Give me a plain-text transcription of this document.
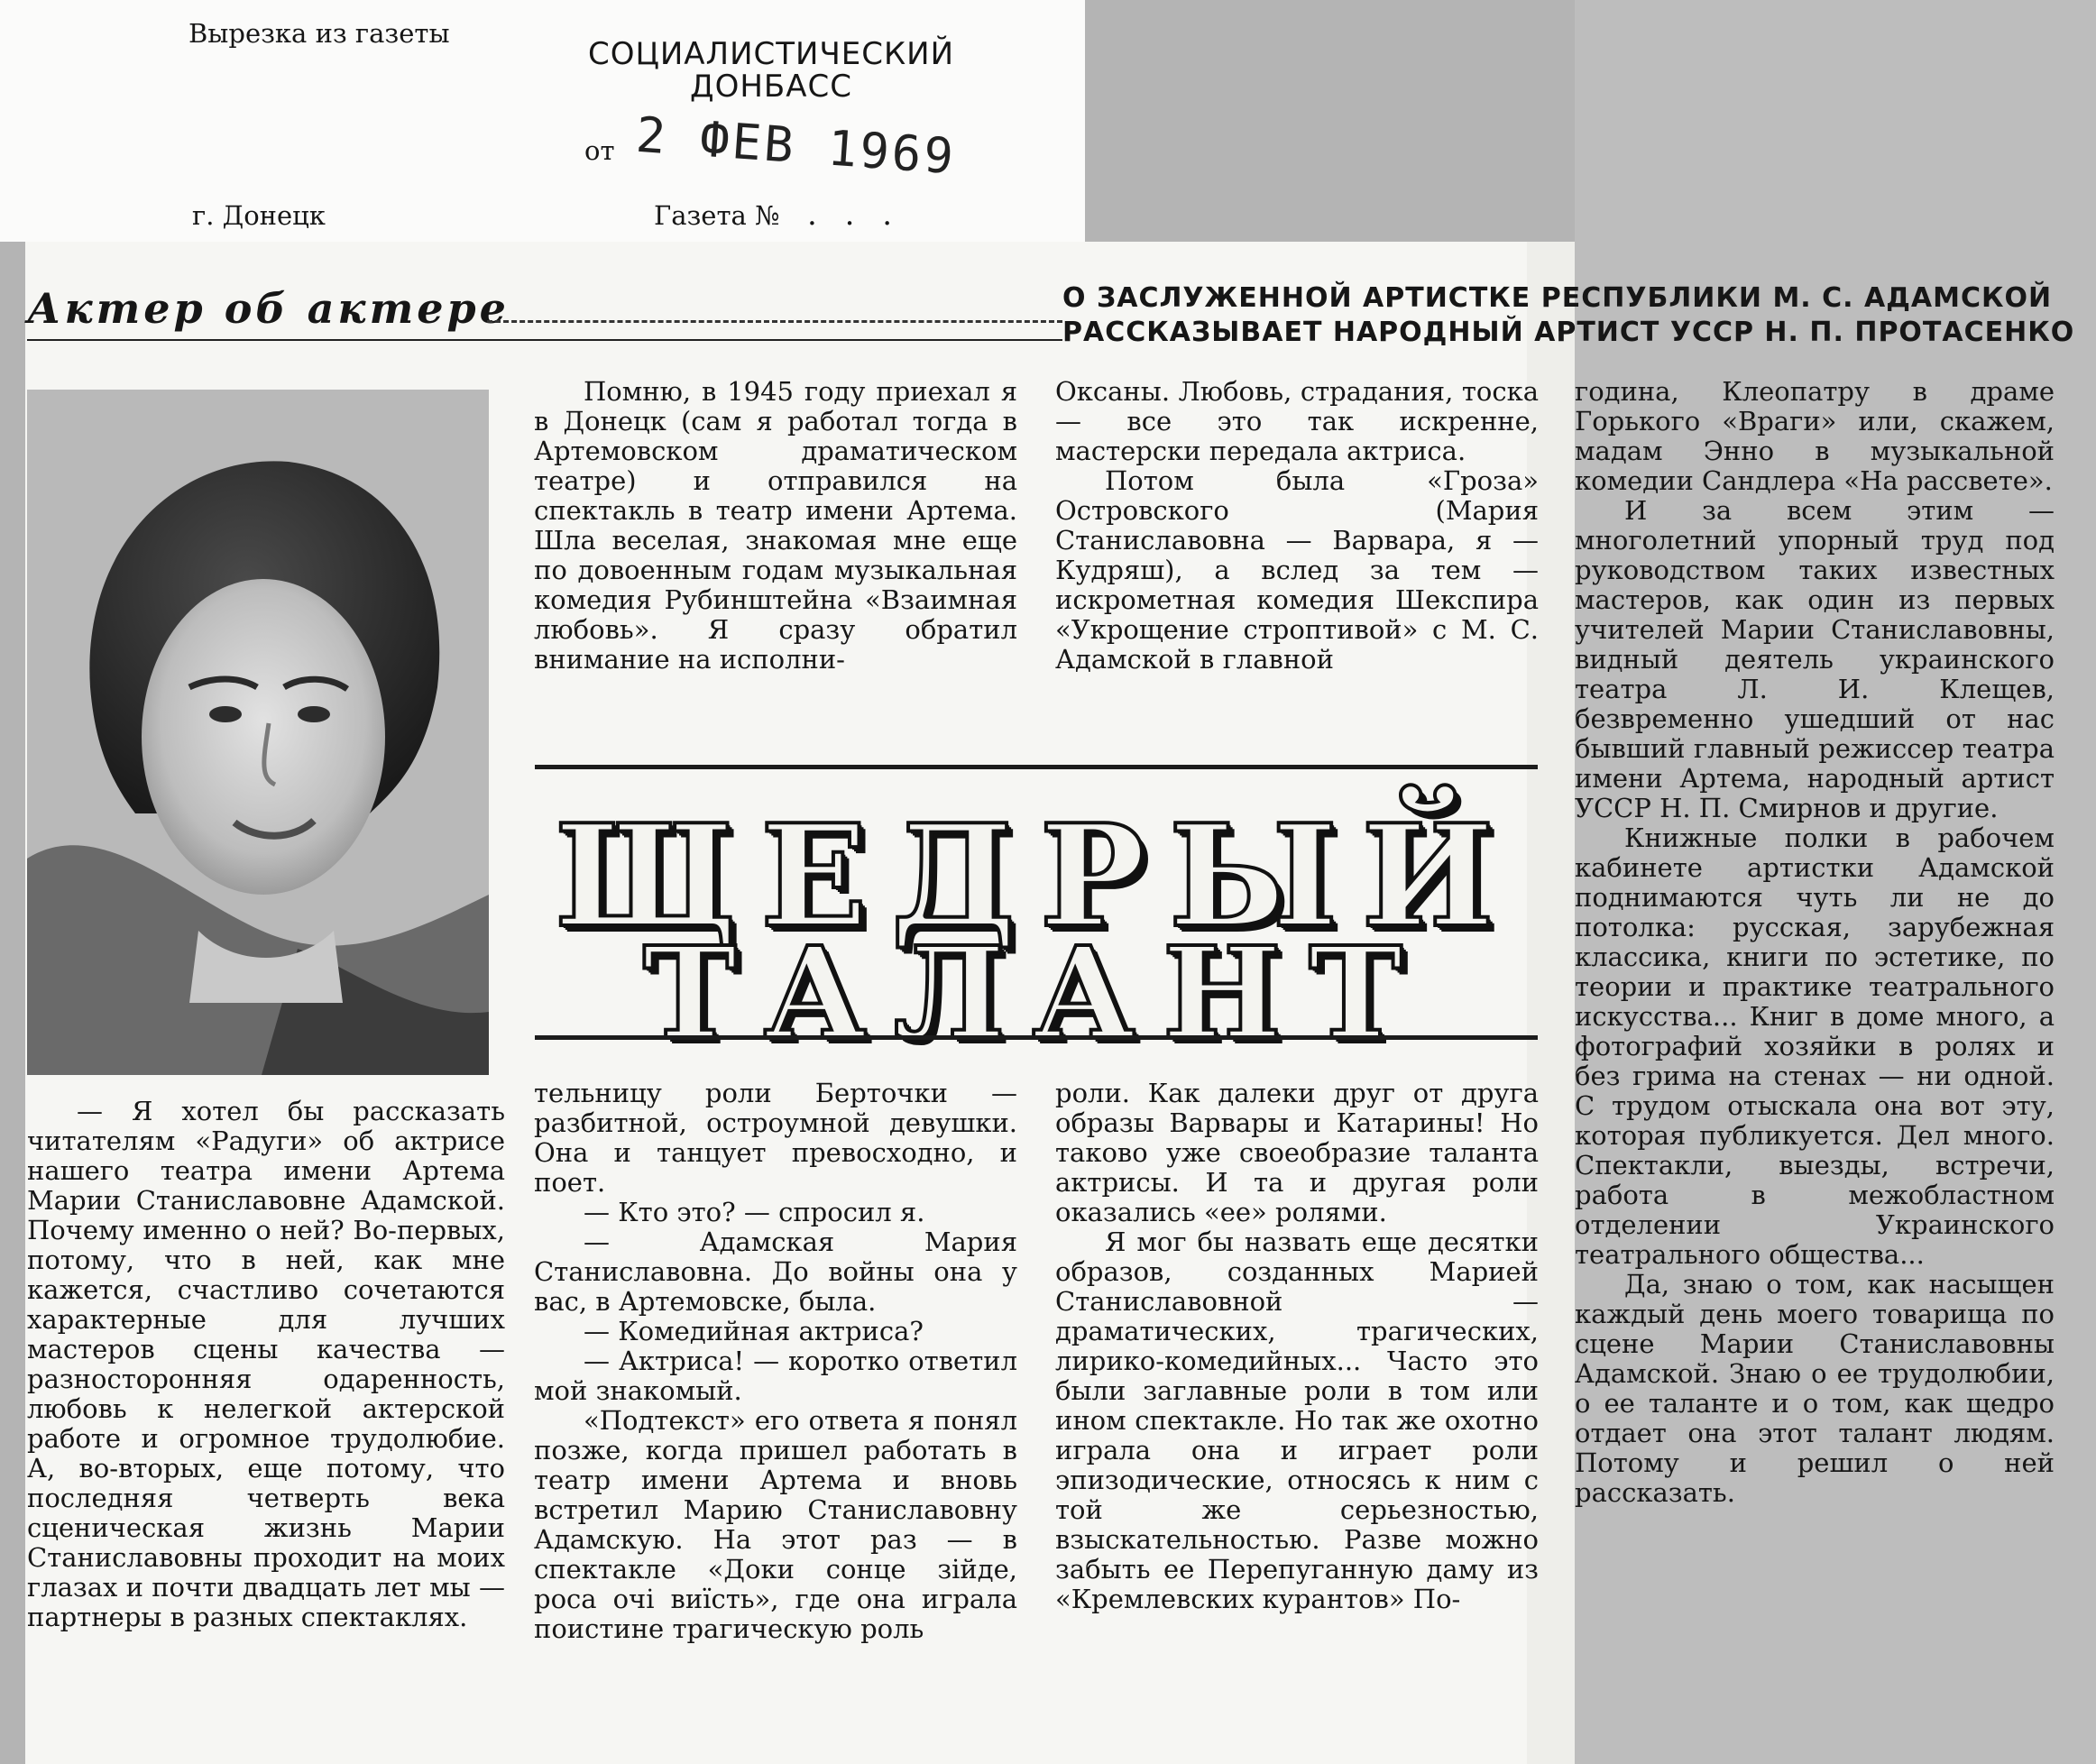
Вырезка из газеты
СОЦИАЛИСТИЧЕСКИЙ ДОНБАСС
от 2 ФЕВ 1969
г. Донецк	Газета № . . .
Актер об актере	О ЗАСЛУЖЕННОЙ АРТИСТКЕ РЕСПУБЛИКИ М. С. АДАМСКОЙ
РАССКАЗЫВАЕТ НАРОДНЫЙ АРТИСТ УССР Н. П. ПРОТАСЕНКО

Помню, в 1945 году приехал я в Донецк (сам я работал тогда в Артемовском драматическом театре) и отправился на спектакль в театр имени Артема. Шла веселая, знакомая мне еще по довоенным годам музыкальная комедия Рубинштейна «Взаимная любовь». Я сразу обратил внимание на исполни-

Оксаны. Любовь, страдания, тоска — все это так искренне, мастерски передала актриса.

Потом была «Гроза» Островского (Мария Станиславовна — Варвара, я — Кудряш), а вслед за тем — искрометная комедия Шекспира «Укрощение строптивой» с М. С. Адамской в главной

ЩЕДРЫЙ
ТАЛАНТ

година, Клеопатру в драме Горького «Враги» или, скажем, мадам Энно в музыкальной комедии Сандлера «На рассвете».

И за всем этим — многолетний упорный труд под руководством таких известных мастеров, как один из первых учителей Марии Станиславовны, видный деятель украинского театра Л. И. Клещев, безвременно ушедший от нас бывший главный режиссер театра имени Артема, народный артист УССР Н. П. Смирнов и другие.

Книжные полки в рабочем кабинете артистки Адамской поднимаются чуть ли не до потолка: русская, зарубежная классика, книги по эстетике, по теории и практике театрального искусства... Книг в доме много, а фотографий хозяйки в ролях и без грима на стенах — ни одной. С трудом отыскала она вот эту, которая публикуется. Дел много. Спектакли, выезды, встречи, работа в межобластном отделении Украинского театрального общества...

Да, знаю о том, как насыщен каждый день моего товарища по сцене Марии Станиславовны Адамской. Знаю о ее трудолюбии, о ее таланте и о том, как щедро отдает она этот талант людям. Потому и решил о ней рассказать.

— Я хотел бы рассказать читателям «Радуги» об актрисе нашего театра имени Артема Марии Станиславовне Адамской. Почему именно о ней? Во-первых, потому, что в ней, как мне кажется, счастливо сочетаются характерные для лучших мастеров сцены качества — разносторонняя одаренность, любовь к нелегкой актерской работе и огромное трудолюбие. А, во-вторых, еще потому, что последняя четверть века сценическая жизнь Марии Станиславовны проходит на моих глазах и почти двадцать лет мы — партнеры в разных спектаклях.

тельницу роли Берточки — разбитной, остроумной девушки. Она и танцует превосходно, и поет.

— Кто это? — спросил я.

— Адамская Мария Станиславовна. До войны она у вас, в Артемовске, была.

— Комедийная актриса?

— Актриса! — коротко ответил мой знакомый.

«Подтекст» его ответа я понял позже, когда пришел работать в театр имени Артема и вновь встретил Марию Станиславовну Адамскую. На этот раз — в спектакле «Доки сонце зійде, роса очі виїсть», где она играла поистине трагическую роль

роли. Как далеки друг от друга образы Варвары и Катарины! Но таково уже своеобразие таланта актрисы. И та и другая роли оказались «ее» ролями.

Я мог бы назвать еще десятки образов, созданных Марией Станиславовной — драматических, трагических, лирико-комедийных... Часто это были заглавные роли в том или ином спектакле. Но так же охотно играла она и играет роли эпизодические, относясь к ним с той же серьезностью, взыскательностью. Разве можно забыть ее Перепуганную даму из «Кремлевских курантов» По-
